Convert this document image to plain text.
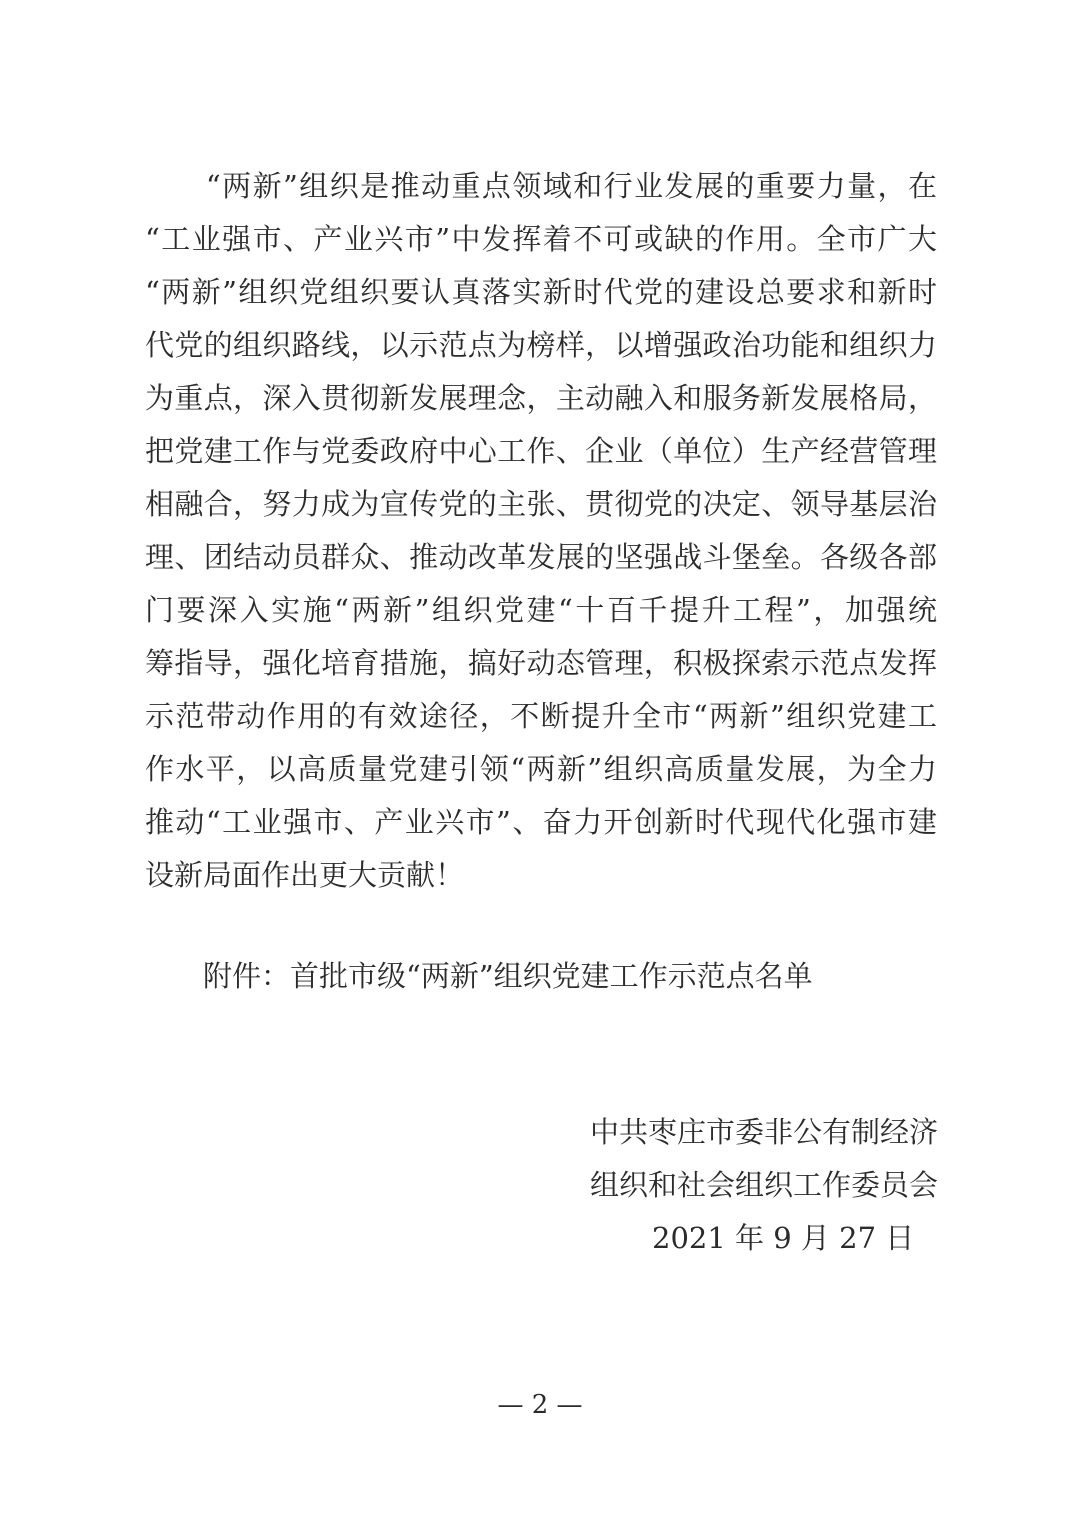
　　“两新”组织是推动重点领域和行业发展的重要力量，在
“工业强市、产业兴市”中发挥着不可或缺的作用。全市广大
“两新”组织党组织要认真落实新时代党的建设总要求和新时
代党的组织路线，以示范点为榜样，以增强政治功能和组织力
为重点，深入贯彻新发展理念，主动融入和服务新发展格局，
把党建工作与党委政府中心工作、企业（单位）生产经营管理
相融合，努力成为宣传党的主张、贯彻党的决定、领导基层治
理、团结动员群众、推动改革发展的坚强战斗堡垒。各级各部
门要深入实施“两新”组织党建“十百千提升工程”，加强统
筹指导，强化培育措施，搞好动态管理，积极探索示范点发挥
示范带动作用的有效途径，不断提升全市“两新”组织党建工
作水平，以高质量党建引领“两新”组织高质量发展，为全力
推动“工业强市、产业兴市”、奋力开创新时代现代化强市建
设新局面作出更大贡献！
附件：首批市级“两新”组织党建工作示范点名单
中共枣庄市委非公有制经济
组织和社会组织工作委员会
2021 年 9 月 27 日
— 2 —
